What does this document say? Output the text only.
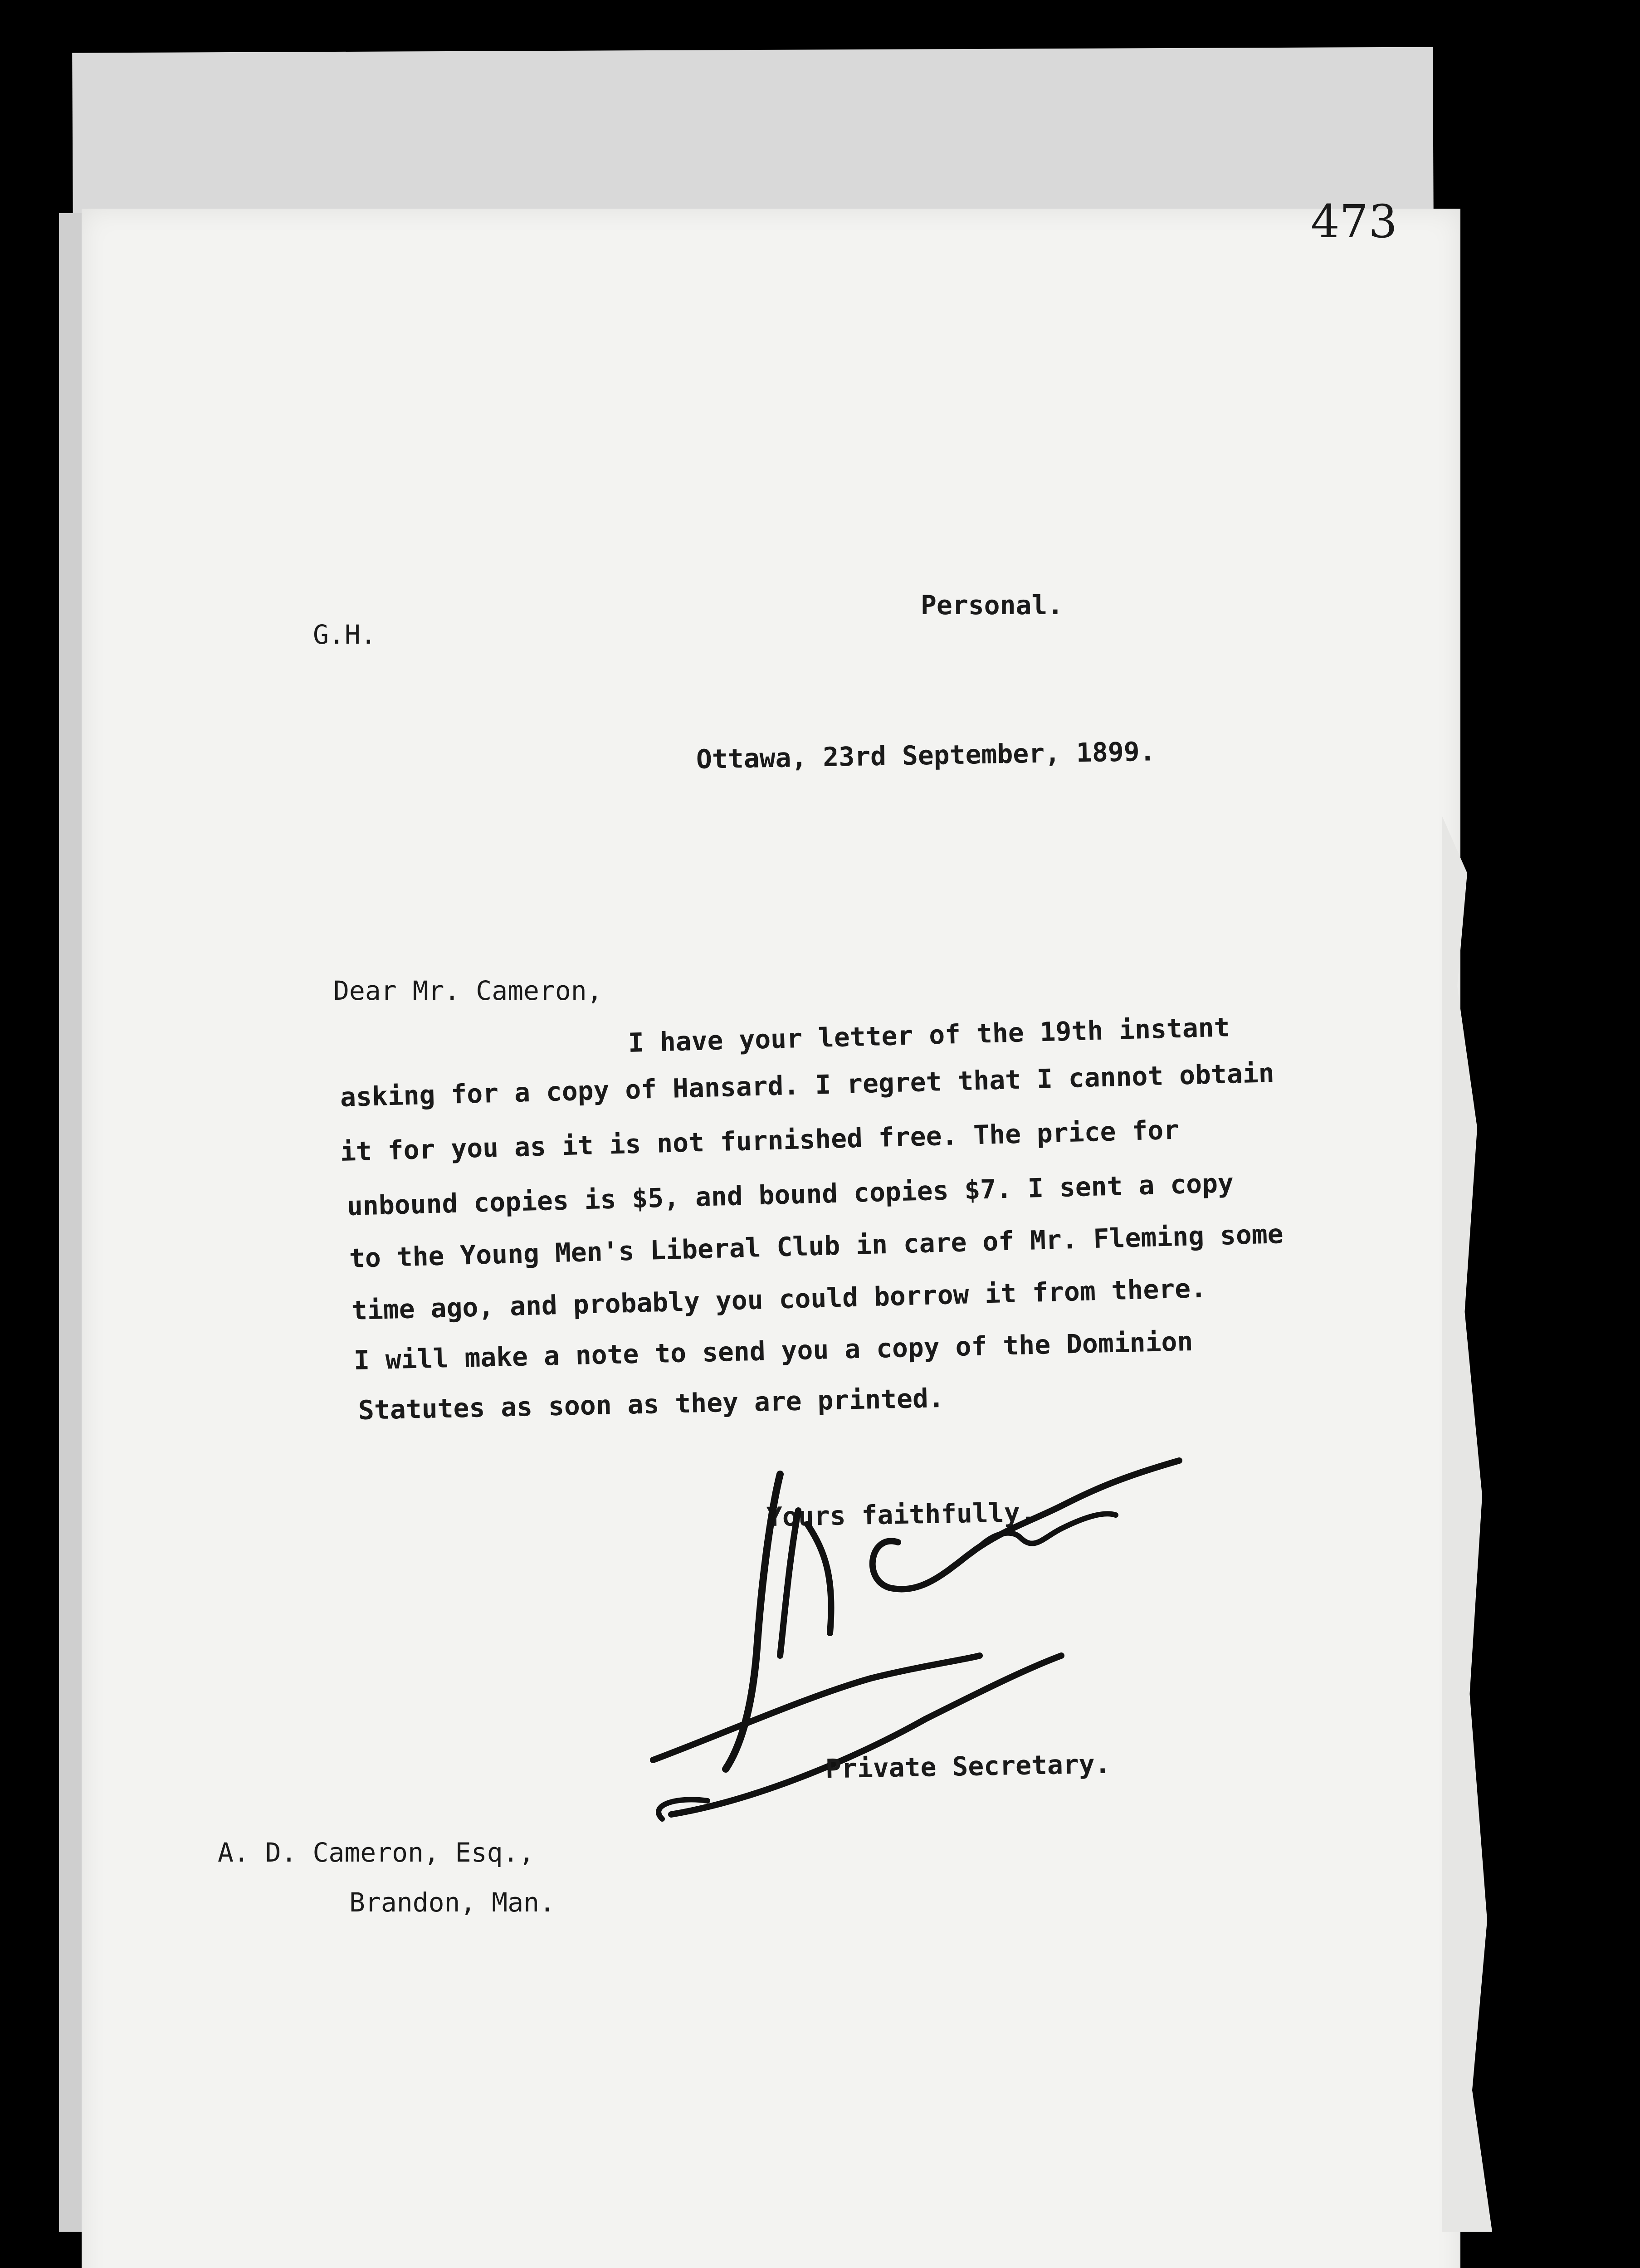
473
G.H.
Personal.
Ottawa, 23rd September, 1899.
Dear Mr. Cameron,
I have your letter of the 19th instant
asking for a copy of Hansard. I regret that I cannot obtain
it for you as it is not furnished free. The price for
unbound copies is $5, and bound copies $7. I sent a copy
to the Young Men's Liberal Club in care of Mr. Fleming some
time ago, and probably you could borrow it from there.
I will make a note to send you a copy of the Dominion
Statutes as soon as they are printed.
Yours faithfully,
Private Secretary.
A. D. Cameron, Esq.,
Brandon, Man.
